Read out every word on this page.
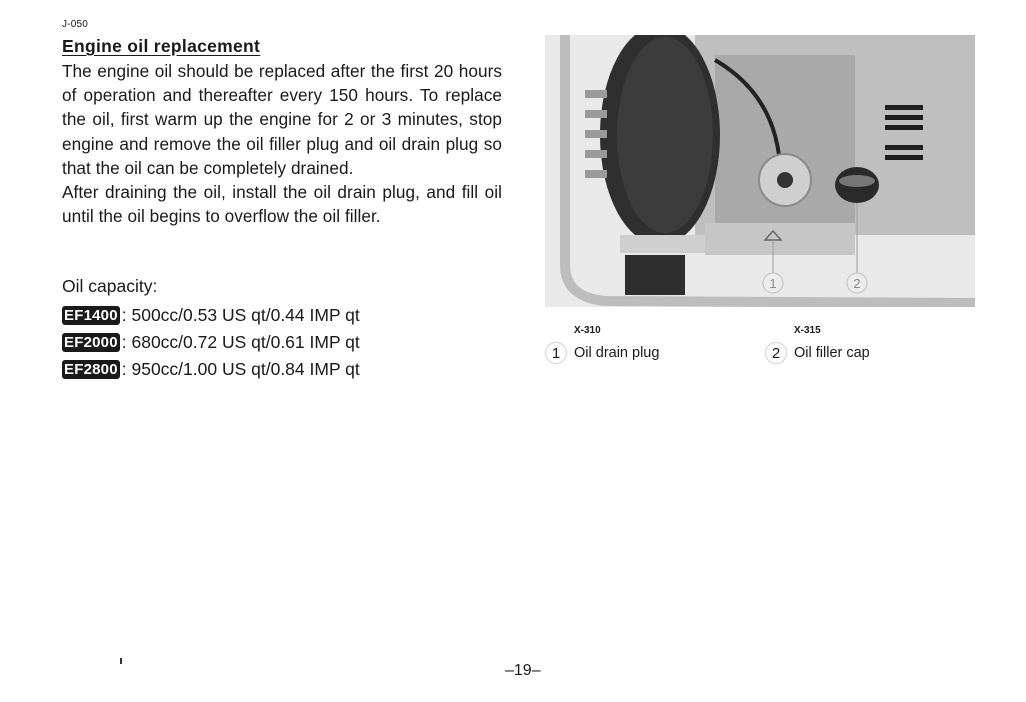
J-050
Engine oil replacement

The engine oil should be replaced after the first 20 hours of operation and thereafter every 150 hours. To replace the oil, first warm up the engine for 2 or 3 minutes, stop engine and remove the oil filler plug and oil drain plug so that the oil can be completely drained.

After draining the oil, install the oil drain plug, and fill oil until the oil begins to overflow the oil filler.

Oil capacity:
EF1400 : 500cc/0.53 US qt/0.44 IMP qt
EF2000 : 680cc/0.72 US qt/0.61 IMP qt
EF2800 : 950cc/1.00 US qt/0.84 IMP qt
1	2
X-310	X-315
1 Oil drain plug	2 Oil filler cap
–19–
